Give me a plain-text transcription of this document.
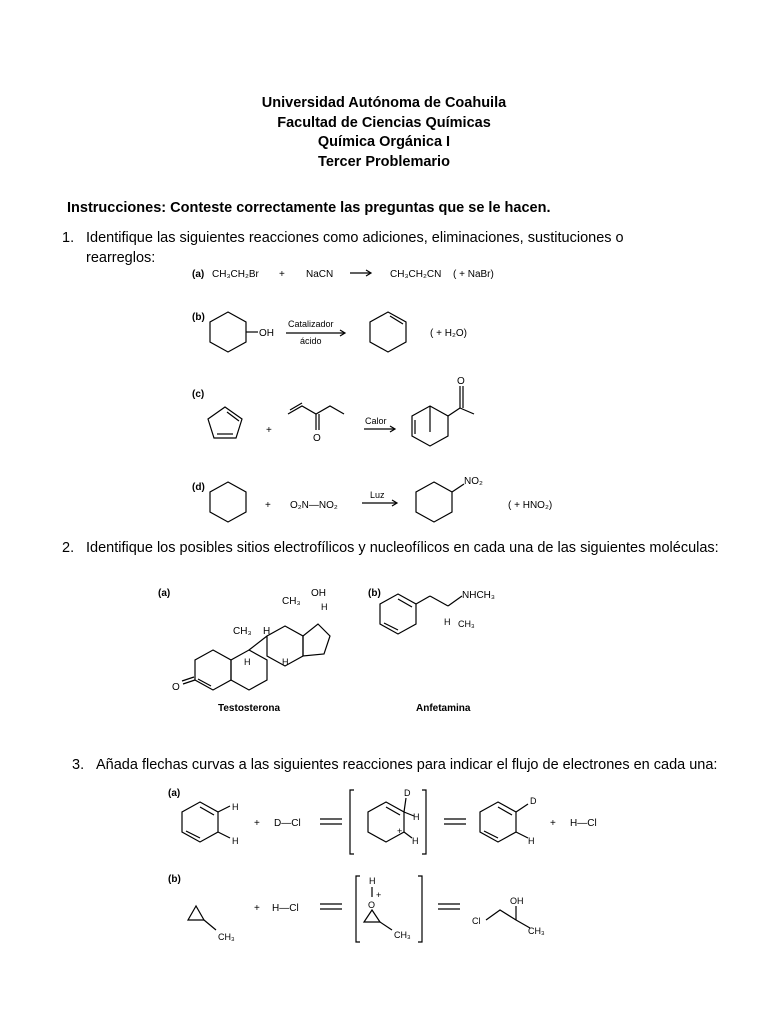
Universidad Autónoma de Coahuila
Facultad de Ciencias Químicas
Química Orgánica I
Tercer Problemario
Instrucciones: Conteste correctamente las preguntas que se le hacen.
1. Identifique las siguientes reacciones como adiciones, eliminaciones, sustituciones o
rearreglos:
(a) CH₃CH₂Br + NaCN	CH₃CH₂CN ( + NaBr)
(b)
OH
Catalizador
ácido
( + H₂O)
(c)
+
O
Calor
O
(d)
+ O₂N—NO₂
Luz
NO₂
( + HNO₂)
2. Identifique los posibles sitios electrofílicos y nucleofílicos en cada una de las siguientes moléculas:
(a)
O
CH₃ H
CH₃
OH
H
H	H
Testosterona
(b)	NHCH₃
H CH₃
Anfetamina
3. Añada flechas curvas a las siguientes reacciones para indicar el flujo de electrones en cada una:
(a)
H
H
+ D—Cl
D
H
+
H
D
H
+ H—Cl
(b)
CH₃
+ H—Cl
H
O
+
CH₃
Cl
OH
CH₃
